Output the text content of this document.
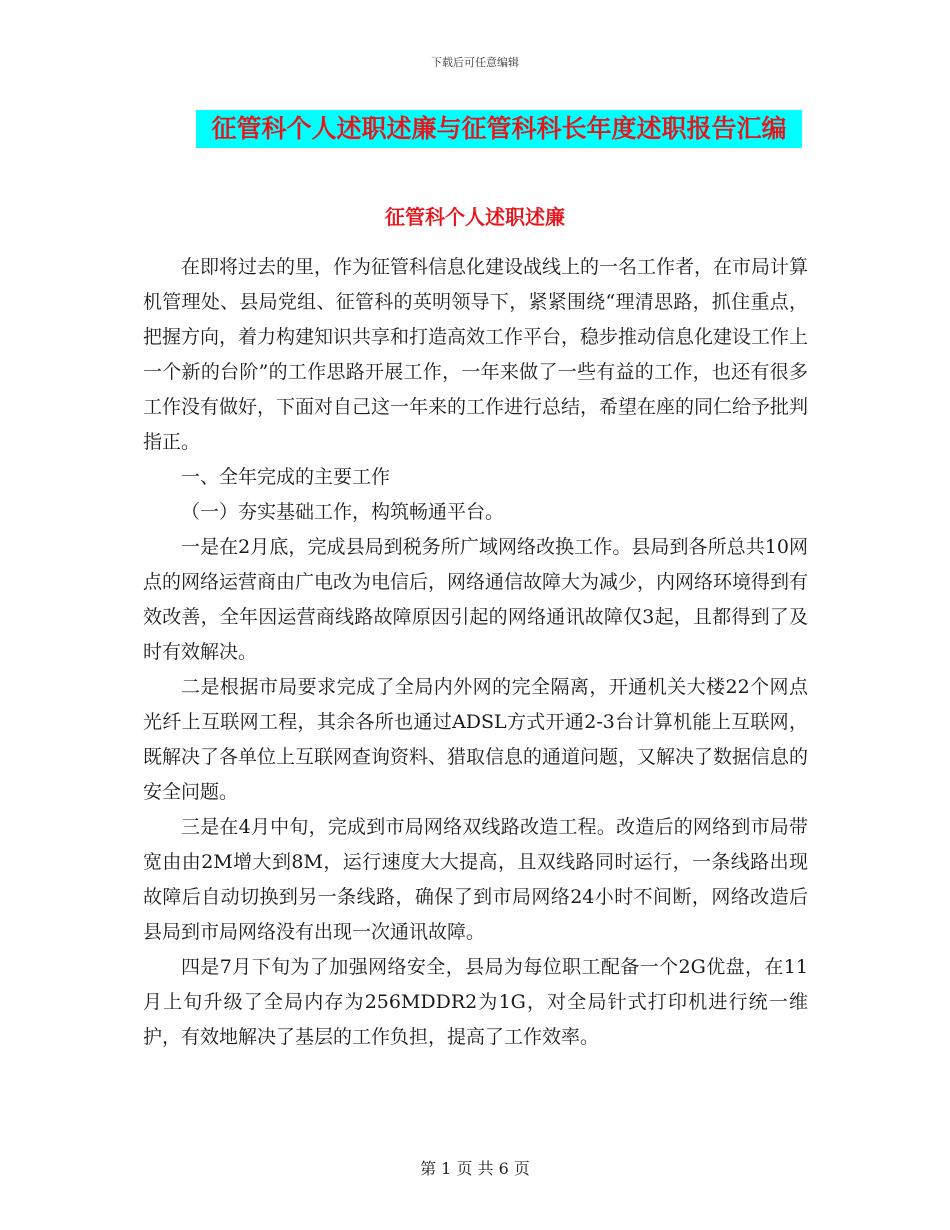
下载后可任意编辑
征管科个人述职述廉与征管科科长年度述职报告汇编
征管科个人述职述廉

在即将过去的里，作为征管科信息化建设战线上的一名工作者，在市局计算机管理处、县局党组、征管科的英明领导下，紧紧围绕“理清思路，抓住重点，把握方向，着力构建知识共享和打造高效工作平台，稳步推动信息化建设工作上一个新的台阶”的工作思路开展工作，一年来做了一些有益的工作，也还有很多工作没有做好，下面对自己这一年来的工作进行总结，希望在座的同仁给予批判指正。

一、全年完成的主要工作

（一）夯实基础工作，构筑畅通平台。

一是在2月底，完成县局到税务所广域网络改换工作。县局到各所总共10网点的网络运营商由广电改为电信后，网络通信故障大为减少，内网络环境得到有效改善，全年因运营商线路故障原因引起的网络通讯故障仅3起，且都得到了及时有效解决。

二是根据市局要求完成了全局内外网的完全隔离，开通机关大楼22个网点光纤上互联网工程，其余各所也通过ADSL方式开通2-3台计算机能上互联网，既解决了各单位上互联网查询资料、猎取信息的通道问题，又解决了数据信息的安全问题。

三是在4月中旬，完成到市局网络双线路改造工程。改造后的网络到市局带宽由由2M增大到8M，运行速度大大提高，且双线路同时运行，一条线路出现故障后自动切换到另一条线路，确保了到市局网络24小时不间断，网络改造后县局到市局网络没有出现一次通讯故障。

四是7月下旬为了加强网络安全，县局为每位职工配备一个2G优盘，在11月上旬升级了全局内存为256MDDR2为1G，对全局针式打印机进行统一维护，有效地解决了基层的工作负担，提高了工作效率。

第 1 页 共 6 页
